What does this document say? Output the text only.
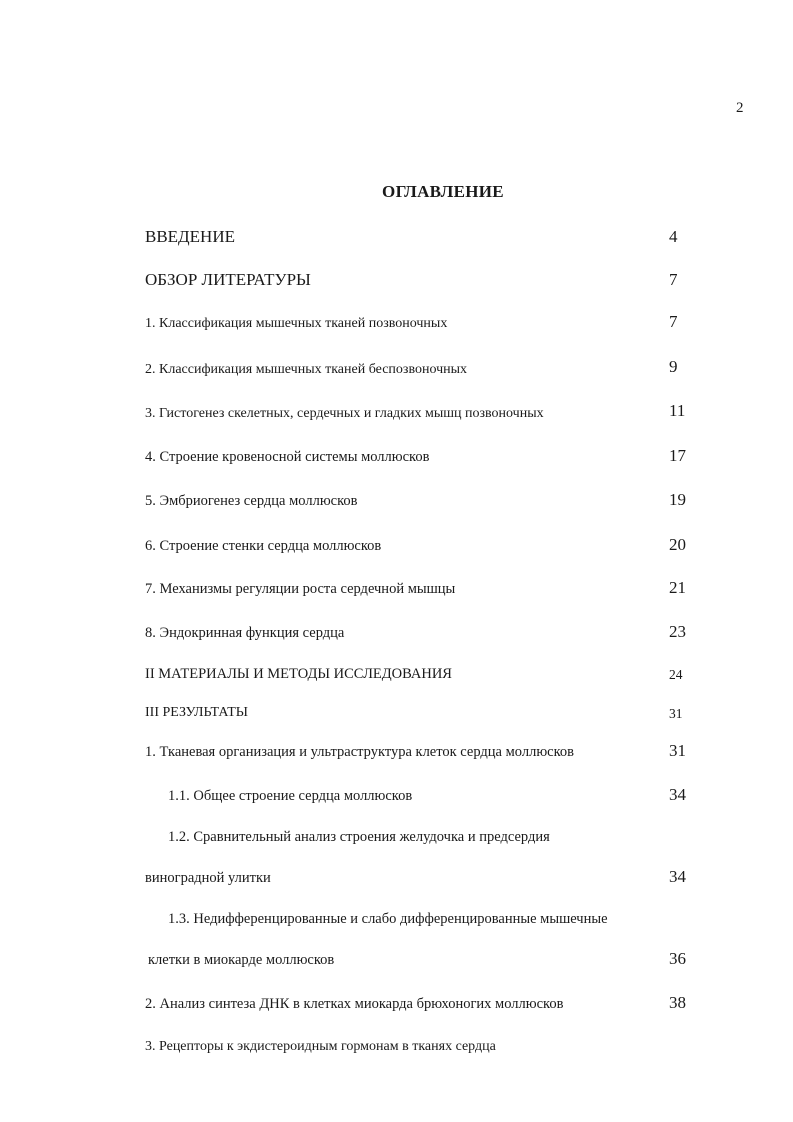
2
ОГЛАВЛЕНИЕ
ВВЕДЕНИЕ	4
ОБЗОР ЛИТЕРАТУРЫ	7
1. Классификация мышечных тканей позвоночных	7
2. Классификация мышечных тканей беспозвоночных	9
3. Гистогенез скелетных, сердечных и гладких мышц позвоночных	11
4. Строение кровеносной системы моллюсков	17
5. Эмбриогенез сердца моллюсков	19
6. Строение стенки сердца моллюсков	20
7. Механизмы регуляции роста сердечной мышцы	21
8. Эндокринная функция сердца	23
II МАТЕРИАЛЫ И МЕТОДЫ ИССЛЕДОВАНИЯ	24
III РЕЗУЛЬТАТЫ	31
1. Тканевая организация и ультраструктура клеток сердца моллюсков	31
1.1. Общее строение сердца моллюсков	34
1.2. Сравнительный анализ строения желудочка и предсердия
виноградной улитки	34
1.3. Недифференцированные и слабо дифференцированные мышечные
клетки в миокарде моллюсков	36
2. Анализ синтеза ДНК в клетках миокарда брюхоногих моллюсков	38
3. Рецепторы к экдистероидным гормонам в тканях сердца
